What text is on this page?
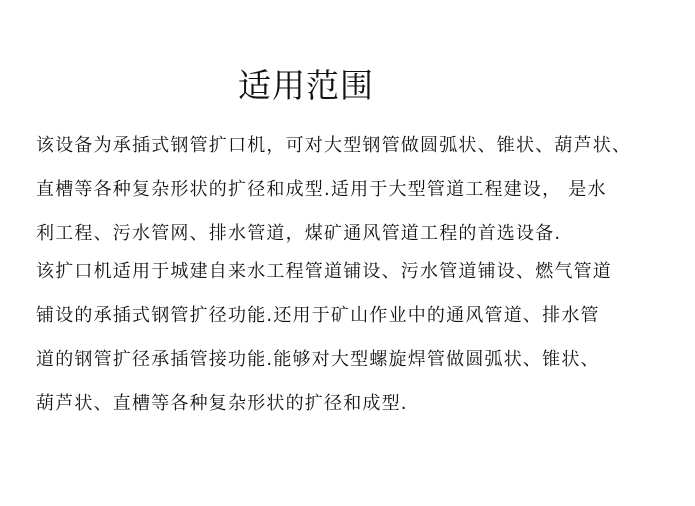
适用范围
该设备为承插式钢管扩口机，可对大型钢管做圆弧状、锥状、葫芦状、
直槽等各种复杂形状的扩径和成型.适用于大型管道工程建设， 是水
利工程、污水管网、排水管道，煤矿通风管道工程的首选设备.
该扩口机适用于城建自来水工程管道铺设、污水管道铺设、燃气管道
铺设的承插式钢管扩径功能.还用于矿山作业中的通风管道、排水管
道的钢管扩径承插管接功能.能够对大型螺旋焊管做圆弧状、锥状、
葫芦状、直槽等各种复杂形状的扩径和成型.
